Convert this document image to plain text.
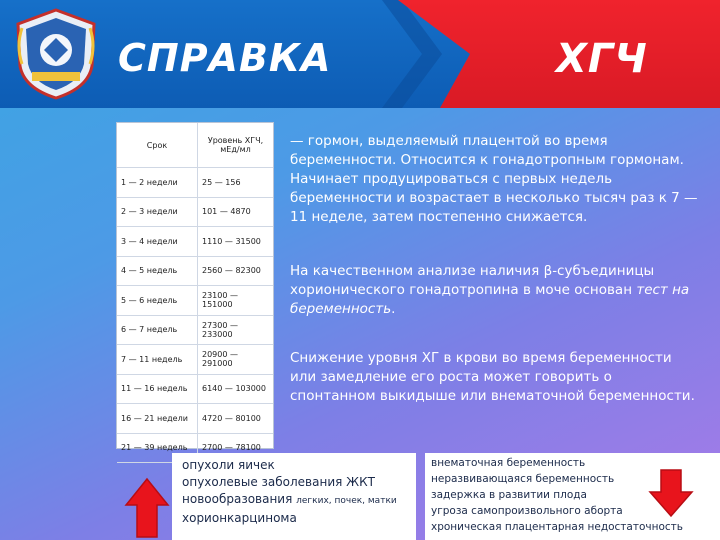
СПРАВКА	ХГЧ
Срок	Уровень ХГЧ, мЕд/мл
1 — 2 недели	25 — 156
2 — 3 недели	101 — 4870
3 — 4 недели	1110 — 31500
4 — 5 недель	2560 — 82300
5 — 6 недель	23100 — 151000
6 — 7 недель	27300 — 233000
7 — 11 недель	20900 — 291000
11 — 16 недель	6140 — 103000
16 — 21 недели	4720 — 80100
21 — 39 недель	2700 — 78100
— гормон, выделяемый плацентой во время беременности. Относится к гонадотропным гормонам. Начинает продуцироваться с первых недель беременности и возрастает в несколько тысяч раз к 7 — 11 неделе, затем постепенно снижается.
На качественном анализе наличия β-субъединицы хорионического гонадотропина в моче основан тест на беременность.
Снижение уровня ХГ в крови во время беременности или замедление его роста может говорить о спонтанном выкидыше или внематочной беременности.
опухоли яичек
опухолевые заболевания ЖКТ
новообразования легких, почек, матки
хорионкарцинома
внематочная беременность
неразвивающаяся беременность
задержка в развитии плода
угроза самопроизвольного аборта
хроническая плацентарная недостаточность
